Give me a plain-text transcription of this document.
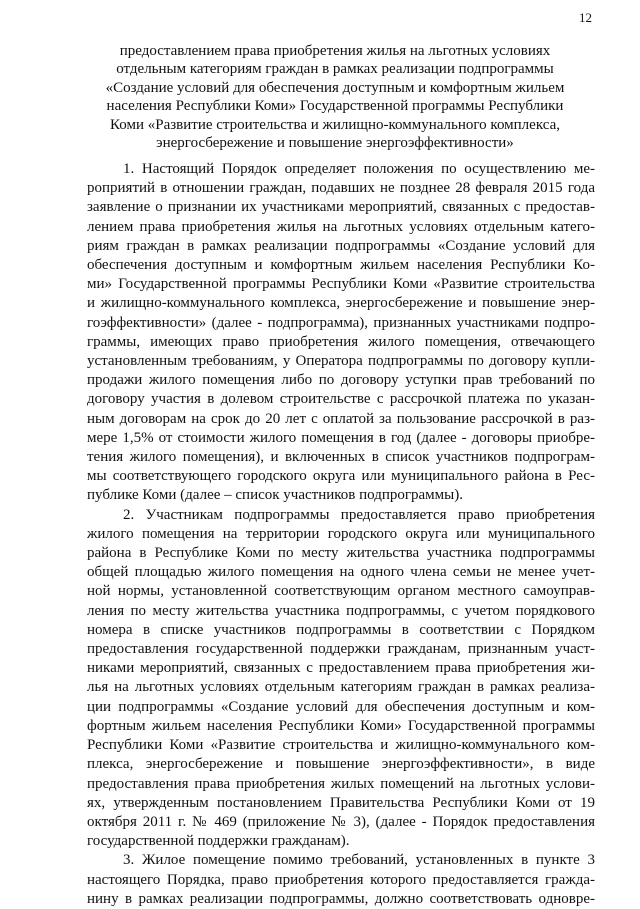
12
предоставлением права приобретения жилья на льготных условиях
отдельным категориям граждан в рамках реализации подпрограммы
«Создание условий для обеспечения доступным и комфортным жильем
населения Республики Коми» Государственной программы Республики
Коми «Развитие строительства и жилищно-коммунального комплекса,
энергосбережение и повышение энергоэффективности»
1. Настоящий Порядок определяет положения по осуществлению ме-
роприятий в отношении граждан, подавших не позднее 28 февраля 2015 года
заявление о признании их участниками мероприятий, связанных с предостав-
лением права приобретения жилья на льготных условиях отдельным катего-
риям граждан в рамках реализации подпрограммы «Создание условий для
обеспечения доступным и комфортным жильем населения Республики Ко-
ми» Государственной программы Республики Коми «Развитие строительства
и жилищно-коммунального комплекса, энергосбережение и повышение энер-
гоэффективности» (далее - подпрограмма), признанных участниками подпро-
граммы, имеющих право приобретения жилого помещения, отвечающего
установленным требованиям, у Оператора подпрограммы по договору купли-
продажи жилого помещения либо по договору уступки прав требований по
договору участия в долевом строительстве с рассрочкой платежа по указан-
ным договорам на срок до 20 лет с оплатой за пользование рассрочкой в раз-
мере 1,5% от стоимости жилого помещения в год (далее - договоры приобре-
тения жилого помещения), и включенных в список участников подпрограм-
мы соответствующего городского округа или муниципального района в Рес-
публике Коми (далее – список участников подпрограммы).
2. Участникам подпрограммы предоставляется право приобретения
жилого помещения на территории городского округа или муниципального
района в Республике Коми по месту жительства участника подпрограммы
общей площадью жилого помещения на одного члена семьи не менее учет-
ной нормы, установленной соответствующим органом местного самоуправ-
ления по месту жительства участника подпрограммы, с учетом порядкового
номера в списке участников подпрограммы в соответствии с Порядком
предоставления государственной поддержки гражданам, признанным участ-
никами мероприятий, связанных с предоставлением права приобретения жи-
лья на льготных условиях отдельным категориям граждан в рамках реализа-
ции подпрограммы «Создание условий для обеспечения доступным и ком-
фортным жильем населения Республики Коми» Государственной программы
Республики Коми «Развитие строительства и жилищно-коммунального ком-
плекса, энергосбережение и повышение энергоэффективности», в виде
предоставления права приобретения жилых помещений на льготных услови-
ях, утвержденным постановлением Правительства Республики Коми от 19
октября 2011 г. № 469 (приложение № 3), (далее - Порядок предоставления
государственной поддержки гражданам).
3. Жилое помещение помимо требований, установленных в пункте 3
настоящего Порядка, право приобретения которого предоставляется гражда-
нину в рамках реализации подпрограммы, должно соответствовать одновре-
